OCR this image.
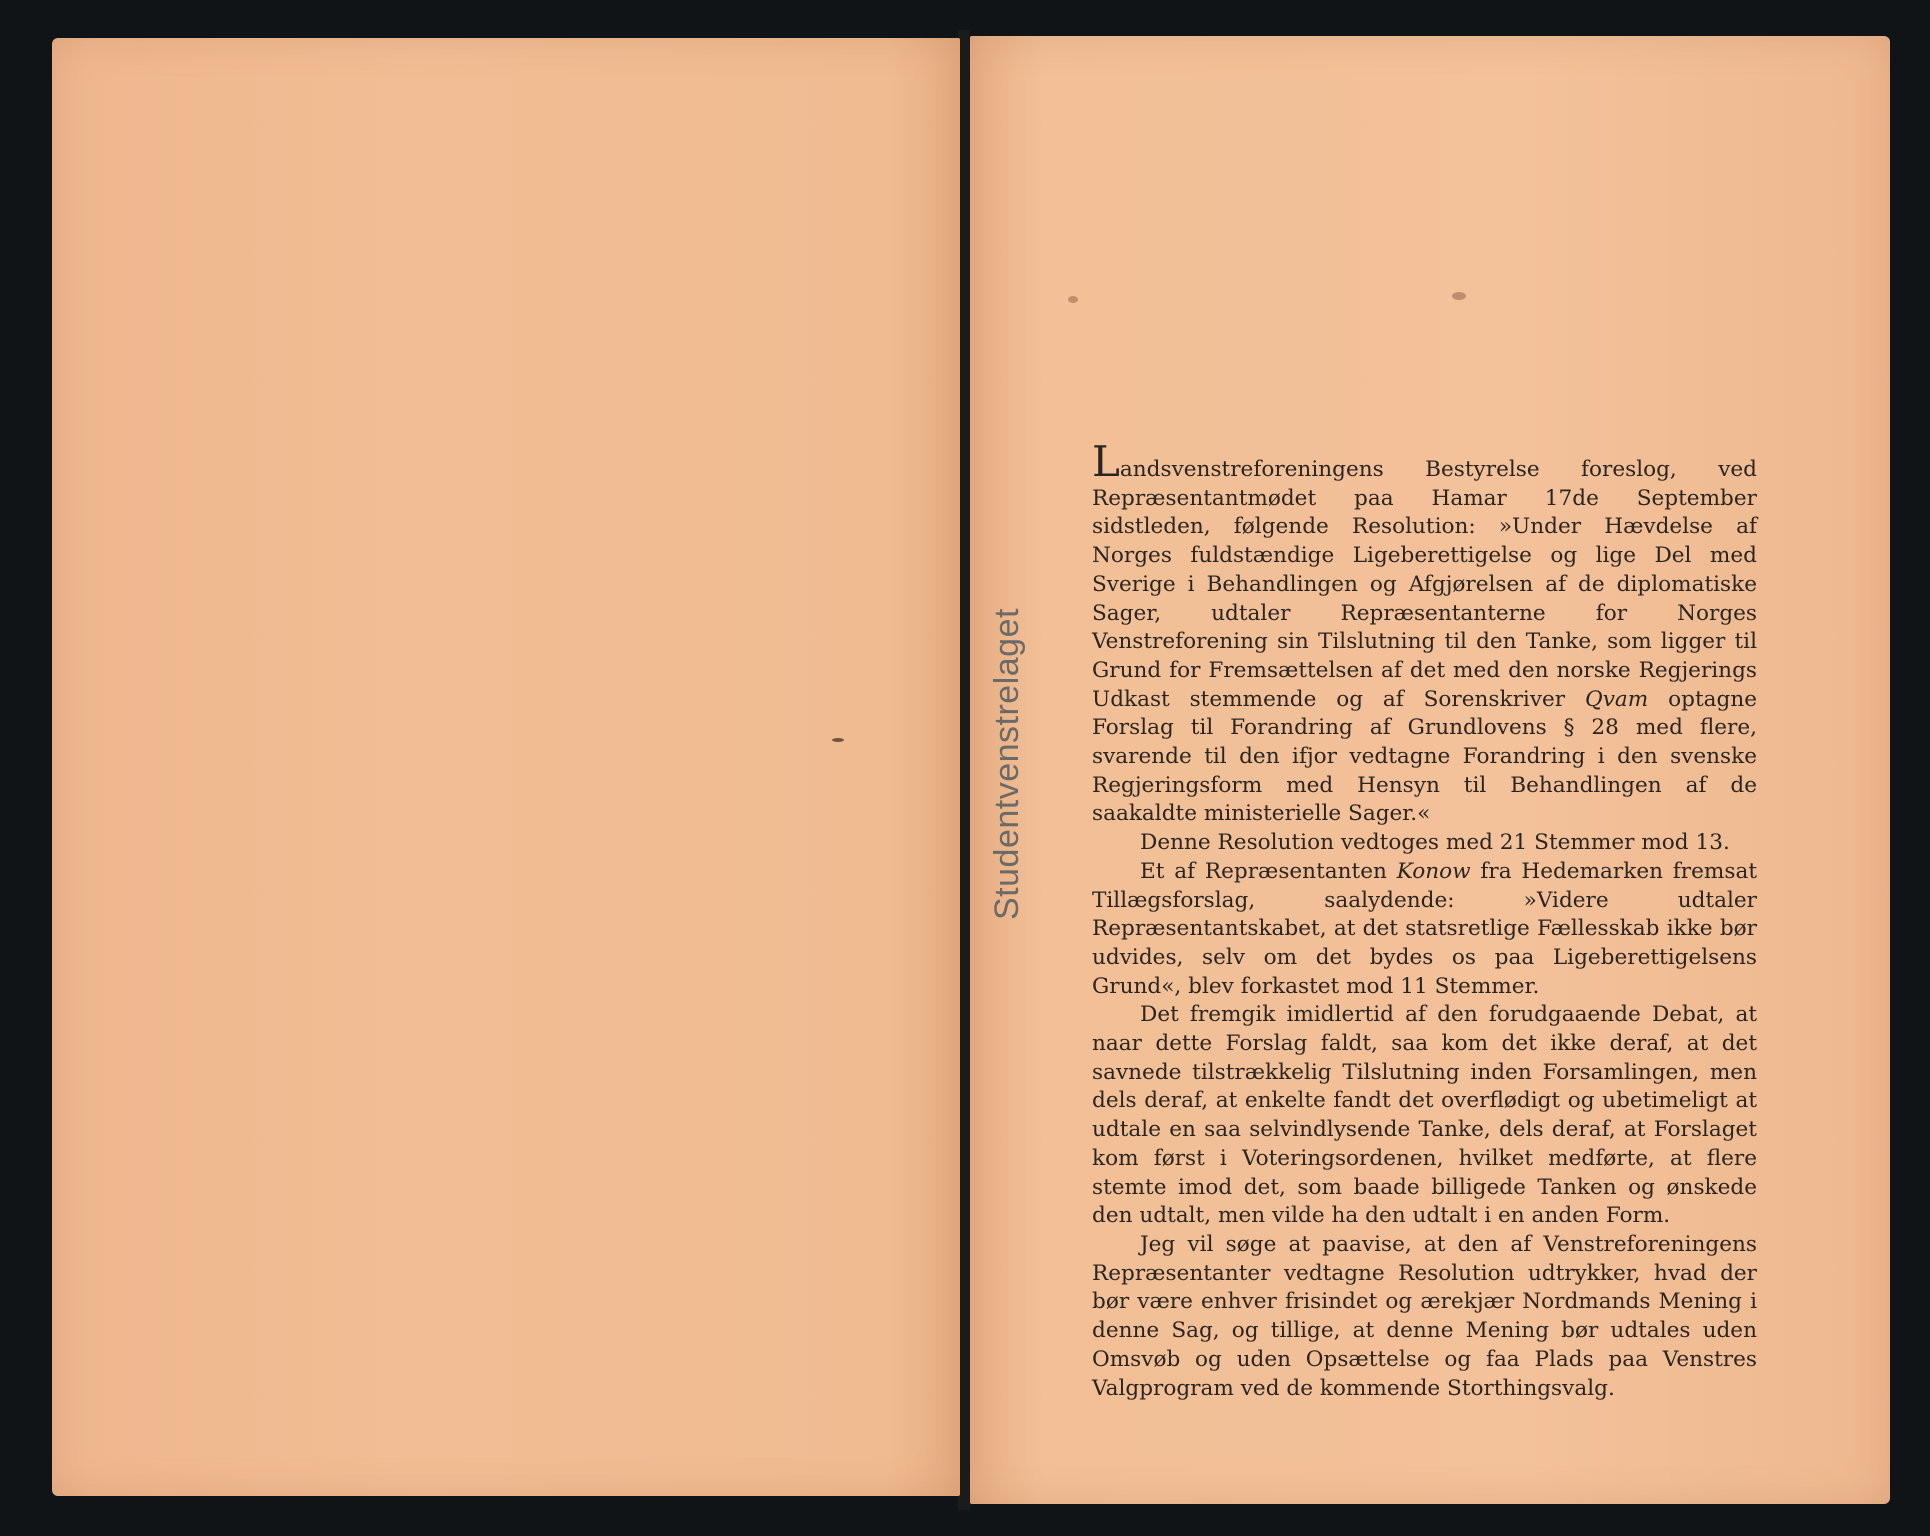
Studentvenstrelaget

Landsvenstreforeningens Bestyrelse foreslog, ved Repræsentantmødet paa Hamar 17de September sidstleden, følgende Resolution: »Under Hævdelse af Norges fuldstændige Ligeberettigelse og lige Del med Sverige i Behandlingen og Afgjørelsen af de diplomatiske Sager, udtaler Repræsentanterne for Norges Venstreforening sin Tilslutning til den Tanke, som ligger til Grund for Fremsættelsen af det med den norske Regjerings Udkast stemmende og af Sorenskriver Qvam optagne Forslag til Forandring af Grundlovens § 28 med flere, svarende til den ifjor vedtagne Forandring i den svenske Regjeringsform med Hensyn til Behandlingen af de saakaldte ministerielle Sager.«

Denne Resolution vedtoges med 21 Stemmer mod 13.

Et af Repræsentanten Konow fra Hedemarken fremsat Tillægsforslag, saalydende: »Videre udtaler Repræsentantskabet, at det statsretlige Fællesskab ikke bør udvides, selv om det bydes os paa Ligeberettigelsens Grund«, blev forkastet mod 11 Stemmer.

Det fremgik imidlertid af den forudgaaende Debat, at naar dette Forslag faldt, saa kom det ikke deraf, at det savnede tilstrækkelig Tilslutning inden Forsamlingen, men dels deraf, at enkelte fandt det overflødigt og ubetimeligt at udtale en saa selvindlysende Tanke, dels deraf, at Forslaget kom først i Voteringsordenen, hvilket medførte, at flere stemte imod det, som baade billigede Tanken og ønskede den udtalt, men vilde ha den udtalt i en anden Form.

Jeg vil søge at paavise, at den af Venstreforeningens Repræsentanter vedtagne Resolution udtrykker, hvad der bør være enhver frisindet og ærekjær Nordmands Mening i denne Sag, og tillige, at denne Mening bør udtales uden Omsvøb og uden Opsættelse og faa Plads paa Venstres Valgprogram ved de kommende Storthingsvalg.
